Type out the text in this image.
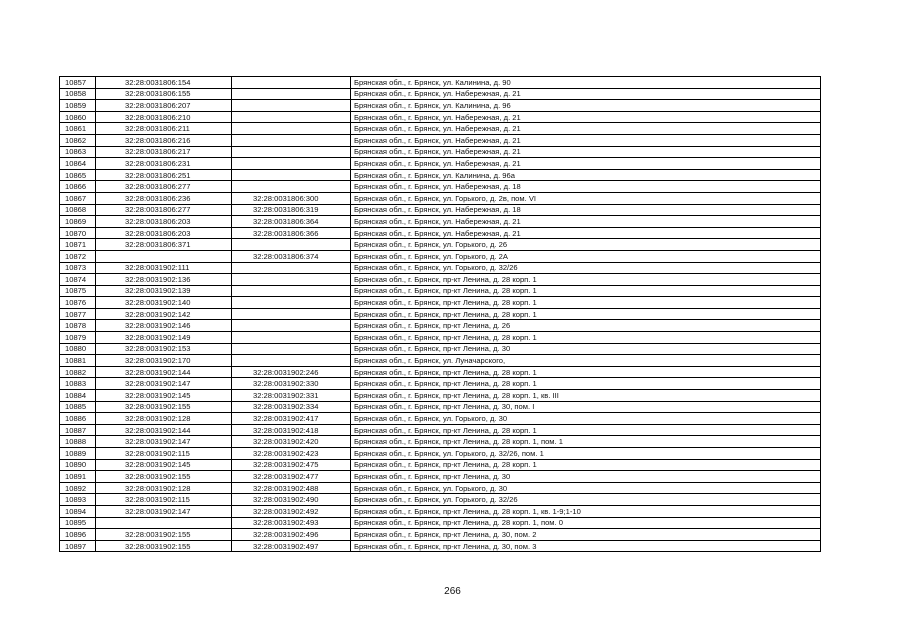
10857	32:28:0031806:154		Брянская обл., г. Брянск, ул. Калинина, д. 90
10858	32:28:0031806:155		Брянская обл., г. Брянск, ул. Набережная, д. 21
10859	32:28:0031806:207		Брянская обл., г. Брянск, ул. Калинина, д. 96
10860	32:28:0031806:210		Брянская обл., г. Брянск, ул. Набережная, д. 21
10861	32:28:0031806:211		Брянская обл., г. Брянск, ул. Набережная, д. 21
10862	32:28:0031806:216		Брянская обл., г. Брянск, ул. Набережная, д. 21
10863	32:28:0031806:217		Брянская обл., г. Брянск, ул. Набережная, д. 21
10864	32:28:0031806:231		Брянская обл., г. Брянск, ул. Набережная, д. 21
10865	32:28:0031806:251		Брянская обл., г. Брянск, ул. Калинина, д. 96а
10866	32:28:0031806:277		Брянская обл., г. Брянск, ул. Набережная, д. 18
10867	32:28:0031806:236	32:28:0031806:300	Брянская обл., г. Брянск, ул. Горького, д. 2в, пом. VI
10868	32:28:0031806:277	32:28:0031806:319	Брянская обл., г. Брянск, ул. Набережная, д. 18
10869	32:28:0031806:203	32:28:0031806:364	Брянская обл., г. Брянск, ул. Набережная, д. 21
10870	32:28:0031806:203	32:28:0031806:366	Брянская обл., г. Брянск, ул. Набережная, д. 21
10871	32:28:0031806:371		Брянская обл., г. Брянск, ул. Горького, д. 26
10872		32:28:0031806:374	Брянская обл., г. Брянск, ул. Горького, д. 2А
10873	32:28:0031902:111		Брянская обл., г. Брянск, ул. Горького, д. 32/26
10874	32:28:0031902:136		Брянская обл., г. Брянск, пр-кт Ленина, д. 28 корп. 1
10875	32:28:0031902:139		Брянская обл., г. Брянск, пр-кт Ленина, д. 28 корп. 1
10876	32:28:0031902:140		Брянская обл., г. Брянск, пр-кт Ленина, д. 28 корп. 1
10877	32:28:0031902:142		Брянская обл., г. Брянск, пр-кт Ленина, д. 28 корп. 1
10878	32:28:0031902:146		Брянская обл., г. Брянск, пр-кт Ленина, д. 26
10879	32:28:0031902:149		Брянская обл., г. Брянск, пр-кт Ленина, д. 28 корп. 1
10880	32:28:0031902:153		Брянская обл., г. Брянск, пр-кт Ленина, д. 30
10881	32:28:0031902:170		Брянская обл., г. Брянск, ул. Луначарского,
10882	32:28:0031902:144	32:28:0031902:246	Брянская обл., г. Брянск, пр-кт Ленина, д. 28 корп. 1
10883	32:28:0031902:147	32:28:0031902:330	Брянская обл., г. Брянск, пр-кт Ленина, д. 28 корп. 1
10884	32:28:0031902:145	32:28:0031902:331	Брянская обл., г. Брянск, пр-кт Ленина, д. 28 корп. 1, кв. III
10885	32:28:0031902:155	32:28:0031902:334	Брянская обл., г. Брянск, пр-кт Ленина, д. 30, пом. I
10886	32:28:0031902:128	32:28:0031902:417	Брянская обл., г. Брянск, ул. Горького, д. 30
10887	32:28:0031902:144	32:28:0031902:418	Брянская обл., г. Брянск, пр-кт Ленина, д. 28 корп. 1
10888	32:28:0031902:147	32:28:0031902:420	Брянская обл., г. Брянск, пр-кт Ленина, д. 28 корп. 1, пом. 1
10889	32:28:0031902:115	32:28:0031902:423	Брянская обл., г. Брянск, ул. Горького, д. 32/26, пом. 1
10890	32:28:0031902:145	32:28:0031902:475	Брянская обл., г. Брянск, пр-кт Ленина, д. 28 корп. 1
10891	32:28:0031902:155	32:28:0031902:477	Брянская обл., г. Брянск, пр-кт Ленина, д. 30
10892	32:28:0031902:128	32:28:0031902:488	Брянская обл., г. Брянск, ул. Горького, д. 30
10893	32:28:0031902:115	32:28:0031902:490	Брянская обл., г. Брянск, ул. Горького, д. 32/26
10894	32:28:0031902:147	32:28:0031902:492	Брянская обл., г. Брянск, пр-кт Ленина, д. 28 корп. 1, кв. 1-9;1-10
10895		32:28:0031902:493	Брянская обл., г. Брянск, пр-кт Ленина, д. 28 корп. 1, пом. 0
10896	32:28:0031902:155	32:28:0031902:496	Брянская обл., г. Брянск, пр-кт Ленина, д. 30, пом. 2
10897	32:28:0031902:155	32:28:0031902:497	Брянская обл., г. Брянск, пр-кт Ленина, д. 30, пом. 3
266
